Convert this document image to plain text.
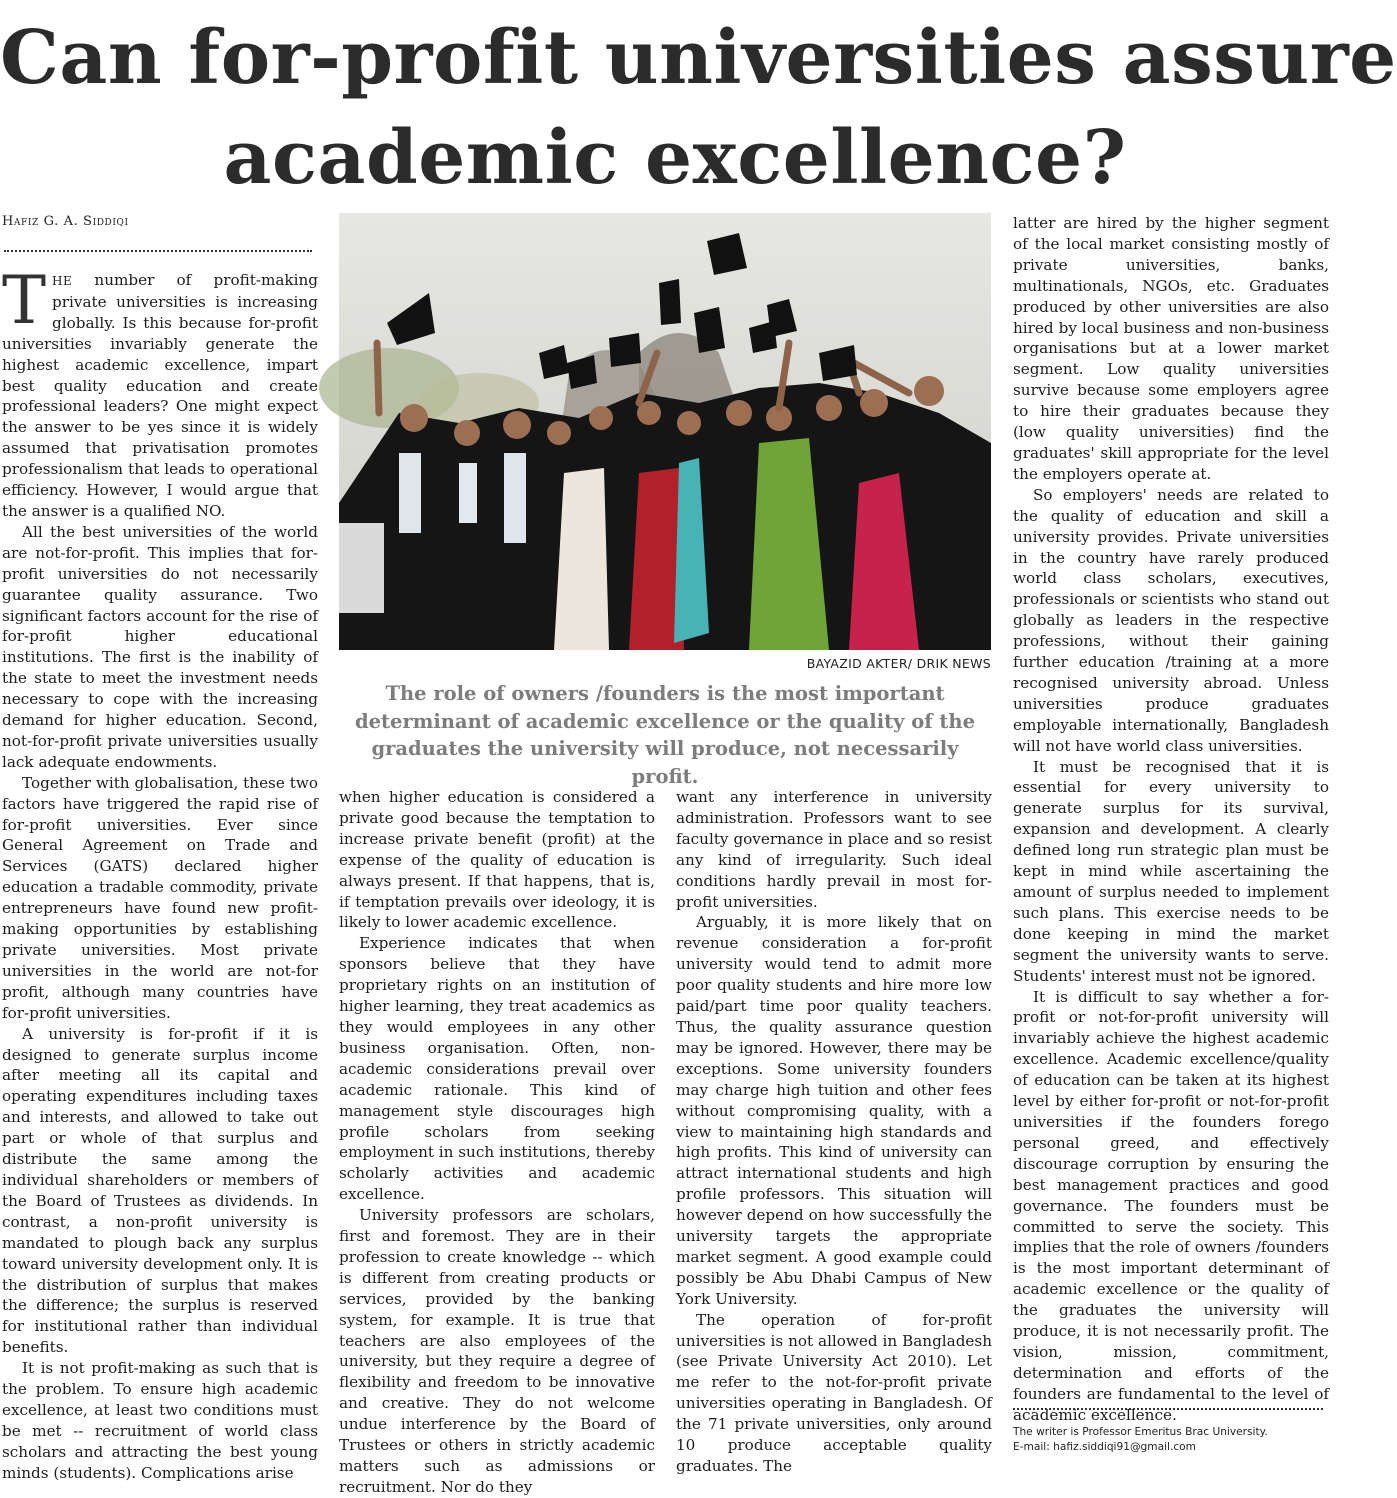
Can for-profit universities assure
academic excellence?
Hafiz G. A. Siddiqi

THE number of profit-making private universities is increasing globally. Is this because for-profit universities invariably generate the highest academic excellence, impart best quality education and create professional leaders? One might expect the answer to be yes since it is widely assumed that privatisation promotes professionalism that leads to operational efficiency. However, I would argue that the answer is a qualified NO.

All the best universities of the world are not-for-profit. This implies that for-profit universities do not necessarily guarantee quality assurance. Two significant factors account for the rise of for-profit higher educational institutions. The first is the inability of the state to meet the investment needs necessary to cope with the increasing demand for higher education. Second, not-for-profit private universities usually lack adequate endowments.

Together with globalisation, these two factors have triggered the rapid rise of for-profit universities. Ever since General Agreement on Trade and Services (GATS) declared higher education a tradable commodity, private entrepreneurs have found new profit-making opportunities by establishing private universities. Most private universities in the world are not-for profit, although many countries have for-profit universities.

A university is for-profit if it is designed to generate surplus income after meeting all its capital and operating expenditures including taxes and interests, and allowed to take out part or whole of that surplus and distribute the same among the individual shareholders or members of the Board of Trustees as dividends. In contrast, a non-profit university is mandated to plough back any surplus toward university development only. It is the distribution of surplus that makes the difference; the surplus is reserved for institutional rather than individual benefits.

It is not profit-making as such that is the problem. To ensure high academic excellence, at least two conditions must be met -- recruitment of world class scholars and attracting the best young minds (students). Complications arise

BAYAZID AKTER/ DRIK NEWS
The role of owners /founders is the most important determinant of academic excellence or the quality of the graduates the university will produce, not necessarily profit.

when higher education is considered a private good because the temptation to increase private benefit (profit) at the expense of the quality of education is always present. If that happens, that is, if temptation prevails over ideology, it is likely to lower academic excellence.

Experience indicates that when sponsors believe that they have proprietary rights on an institution of higher learning, they treat academics as they would employees in any other business organisation. Often, non-academic considerations prevail over academic rationale. This kind of management style discourages high profile scholars from seeking employment in such institutions, thereby scholarly activities and academic excellence.

University professors are scholars, first and foremost. They are in their profession to create knowledge -- which is different from creating products or services, provided by the banking system, for example. It is true that teachers are also employees of the university, but they require a degree of flexibility and freedom to be innovative and creative. They do not welcome undue interference by the Board of Trustees or others in strictly academic matters such as admissions or recruitment. Nor do they

want any interference in university administration. Professors want to see faculty governance in place and so resist any kind of irregularity. Such ideal conditions hardly prevail in most for-profit universities.

Arguably, it is more likely that on revenue consideration a for-profit university would tend to admit more poor quality students and hire more low paid/part time poor quality teachers. Thus, the quality assurance question may be ignored. However, there may be exceptions. Some university founders may charge high tuition and other fees without compromising quality, with a view to maintaining high standards and high profits. This kind of university can attract international students and high profile professors. This situation will however depend on how successfully the university targets the appropriate market segment. A good example could possibly be Abu Dhabi Campus of New York University.

The operation of for-profit universities is not allowed in Bangladesh (see Private University Act 2010). Let me refer to the not-for-profit private universities operating in Bangladesh. Of the 71 private universities, only around 10 produce acceptable quality graduates. The

latter are hired by the higher segment of the local market consisting mostly of private universities, banks, multinationals, NGOs, etc. Graduates produced by other universities are also hired by local business and non-business organisations but at a lower market segment. Low quality universities survive because some employers agree to hire their graduates because they (low quality universities) find the graduates' skill appropriate for the level the employers operate at.

So employers' needs are related to the quality of education and skill a university provides. Private universities in the country have rarely produced world class scholars, executives, professionals or scientists who stand out globally as leaders in the respective professions, without their gaining further education /training at a more recognised university abroad. Unless universities produce graduates employable internationally, Bangladesh will not have world class universities.

It must be recognised that it is essential for every university to generate surplus for its survival, expansion and development. A clearly defined long run strategic plan must be kept in mind while ascertaining the amount of surplus needed to implement such plans. This exercise needs to be done keeping in mind the market segment the university wants to serve. Students' interest must not be ignored.

It is difficult to say whether a for-profit or not-for-profit university will invariably achieve the highest academic excellence. Academic excellence/quality of education can be taken at its highest level by either for-profit or not-for-profit universities if the founders forego personal greed, and effectively discourage corruption by ensuring the best management practices and good governance. The founders must be committed to serve the society. This implies that the role of owners /founders is the most important determinant of academic excellence or the quality of the graduates the university will produce, it is not necessarily profit. The vision, mission, commitment, determination and efforts of the founders are fundamental to the level of academic excellence.

The writer is Professor Emeritus Brac University.
E-mail: hafiz.siddiqi91@gmail.com
